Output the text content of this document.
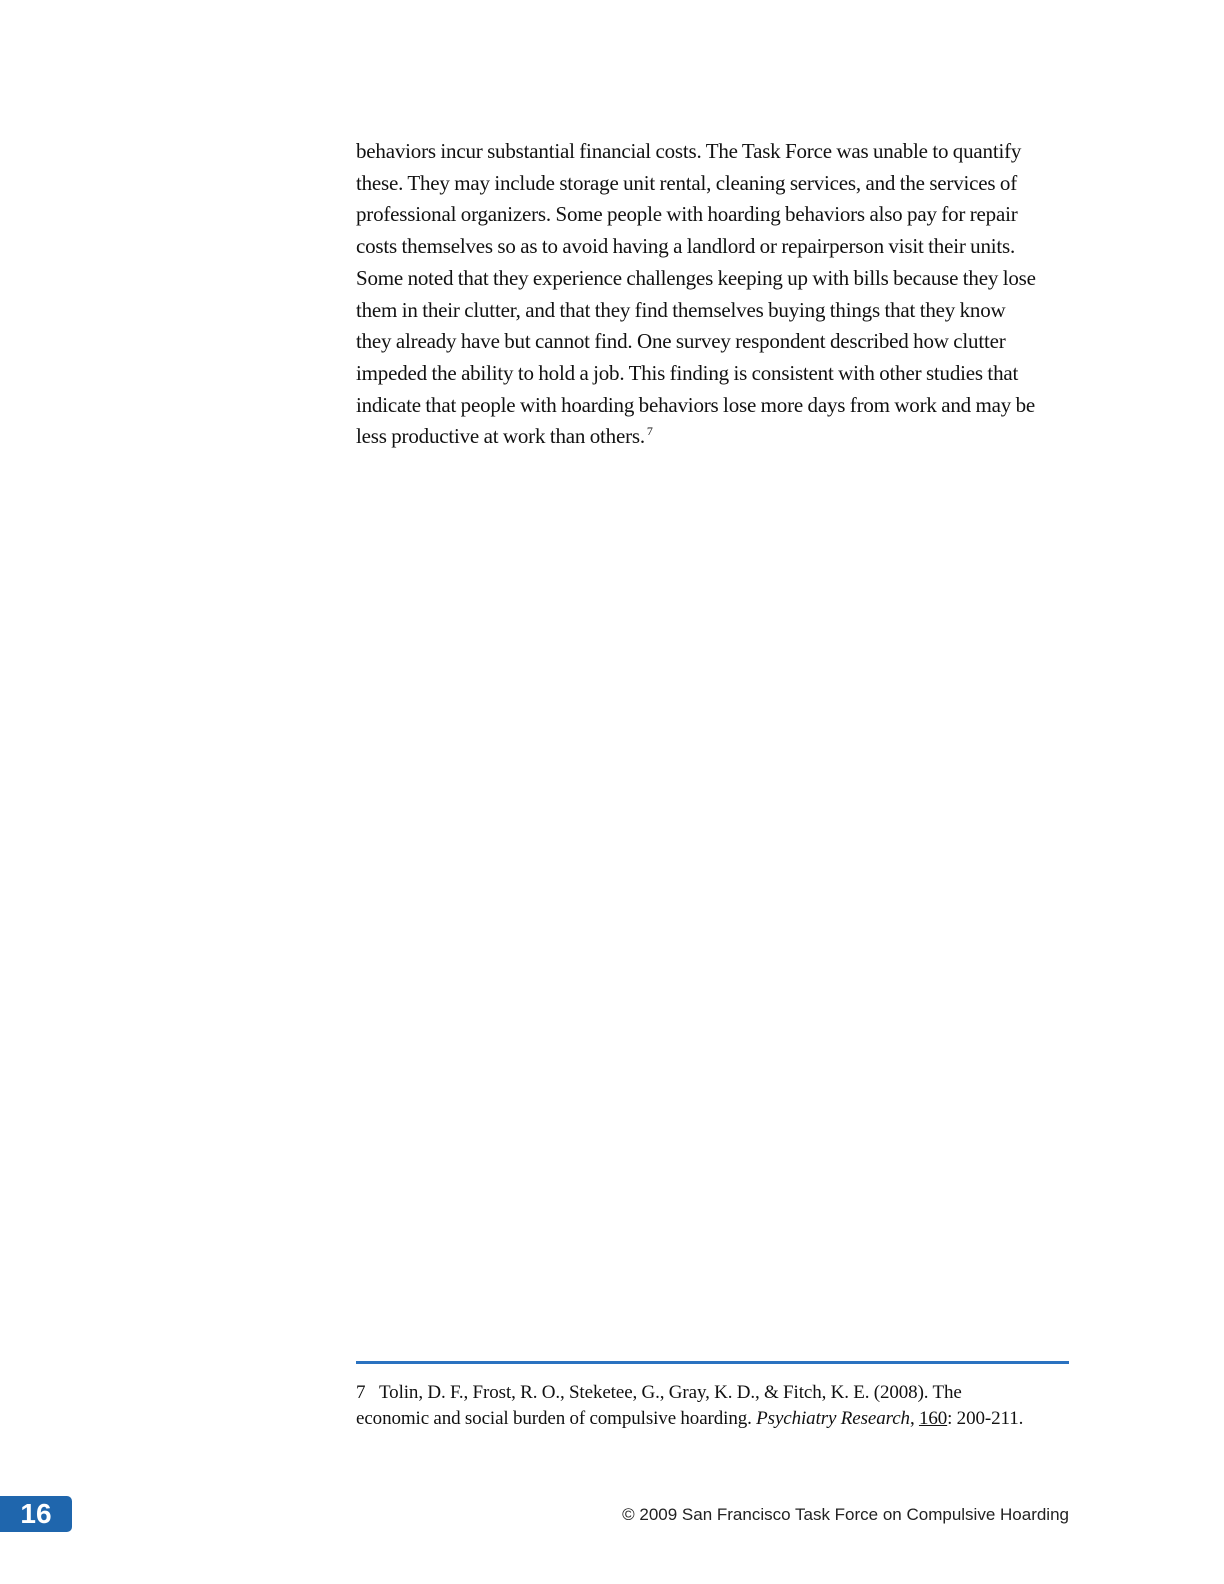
behaviors incur substantial financial costs. The Task Force was unable to quantify
these. They may include storage unit rental, cleaning services, and the services of
professional organizers. Some people with hoarding behaviors also pay for repair
costs themselves so as to avoid having a landlord or repairperson visit their units.
Some noted that they experience challenges keeping up with bills because they lose
them in their clutter, and that they find themselves buying things that they know
they already have but cannot find. One survey respondent described how clutter
impeded the ability to hold a job. This finding is consistent with other studies that
indicate that people with hoarding behaviors lose more days from work and may be
less productive at work than others. $^7$

7 Tolin, D. F., Frost, R. O., Steketee, G., Gray, K. D., & Fitch, K. E. (2008). The
economic and social burden of compulsive hoarding. Psychiatry Research, 160: 200-211.
16	© 2009 San Francisco Task Force on Compulsive Hoarding
